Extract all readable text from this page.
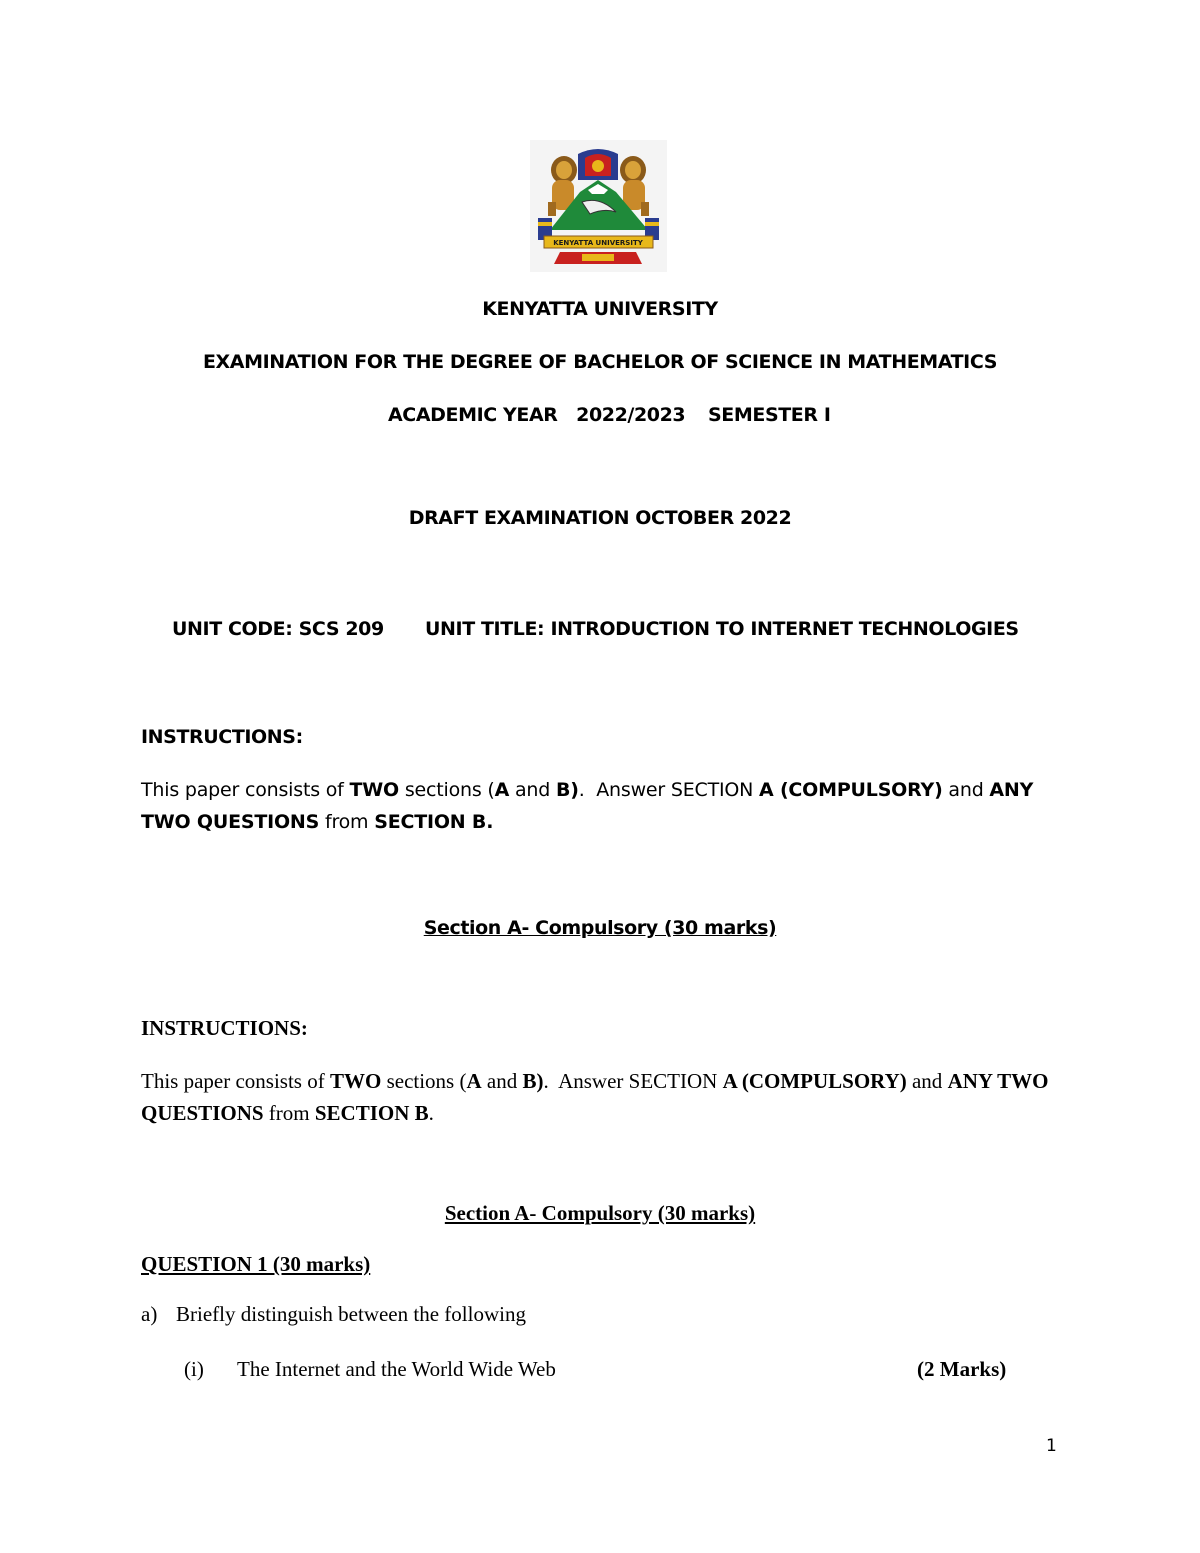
KENYATTA UNIVERSITY

KENYATTA UNIVERSITY

EXAMINATION FOR THE DEGREE OF BACHELOR OF SCIENCE IN MATHEMATICS

ACADEMIC YEAR   2022/2023 SEMESTER I

DRAFT EXAMINATION OCTOBER 2022

UNIT CODE: SCS 209 UNIT TITLE: INTRODUCTION TO INTERNET TECHNOLOGIES

INSTRUCTIONS:

This paper consists of TWO sections (A and B).  Answer SECTION A (COMPULSORY) and ANY TWO QUESTIONS from SECTION B.

Section A- Compulsory (30 marks)

INSTRUCTIONS:

This paper consists of TWO sections (A and B).  Answer SECTION A (COMPULSORY) and ANY TWO QUESTIONS from SECTION B.

Section A- Compulsory (30 marks)

QUESTION 1 (30 marks)

a) Briefly distinguish between the following

(i) The Internet and the World Wide Web	(2 Marks)

1
